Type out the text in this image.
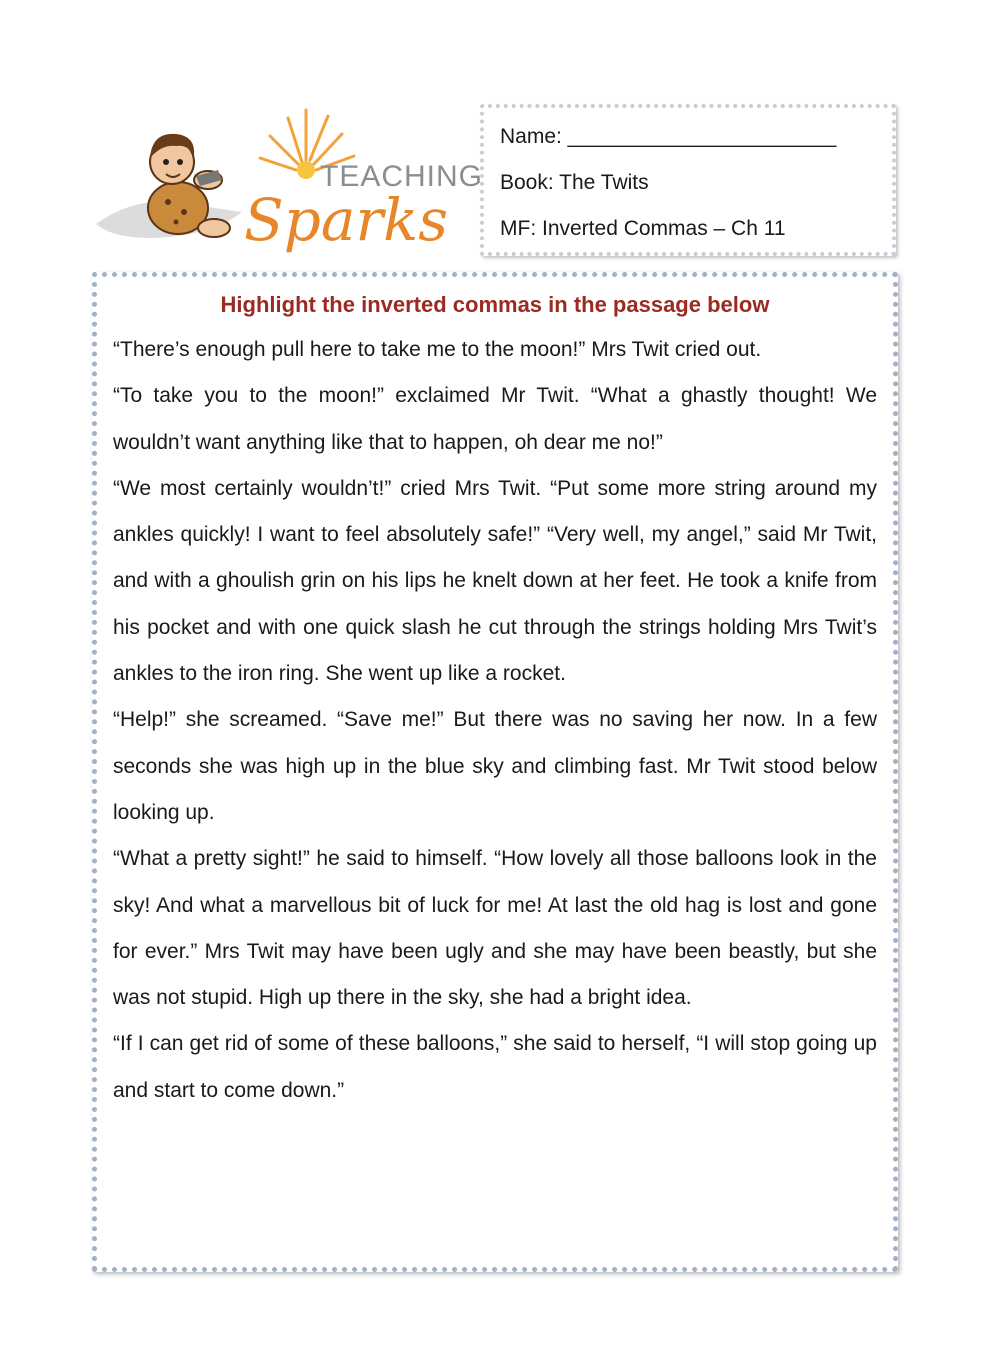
TEACHING
Sparks
Name: _______________________
Book: The Twits
MF: Inverted Commas – Ch 11
Highlight the inverted commas in the passage below

“There’s enough pull here to take me to the moon!” Mrs Twit cried out.

“To take you to the moon!” exclaimed Mr Twit. “What a ghastly thought! We wouldn’t want anything like that to happen, oh dear me no!”

“We most certainly wouldn’t!” cried Mrs Twit. “Put some more string around my ankles quickly! I want to feel absolutely safe!” “Very well, my angel,” said Mr Twit, and with a ghoulish grin on his lips he knelt down at her feet. He took a knife from his pocket and with one quick slash he cut through the strings holding Mrs Twit’s ankles to the iron ring. She went up like a rocket.

“Help!” she screamed. “Save me!” But there was no saving her now. In a few seconds she was high up in the blue sky and climbing fast. Mr Twit stood below looking up.

“What a pretty sight!” he said to himself. “How lovely all those balloons look in the sky! And what a marvellous bit of luck for me! At last the old hag is lost and gone for ever.” Mrs Twit may have been ugly and she may have been beastly, but she was not stupid. High up there in the sky, she had a bright idea.

“If I can get rid of some of these balloons,” she said to herself, “I will stop going up and start to come down.”
